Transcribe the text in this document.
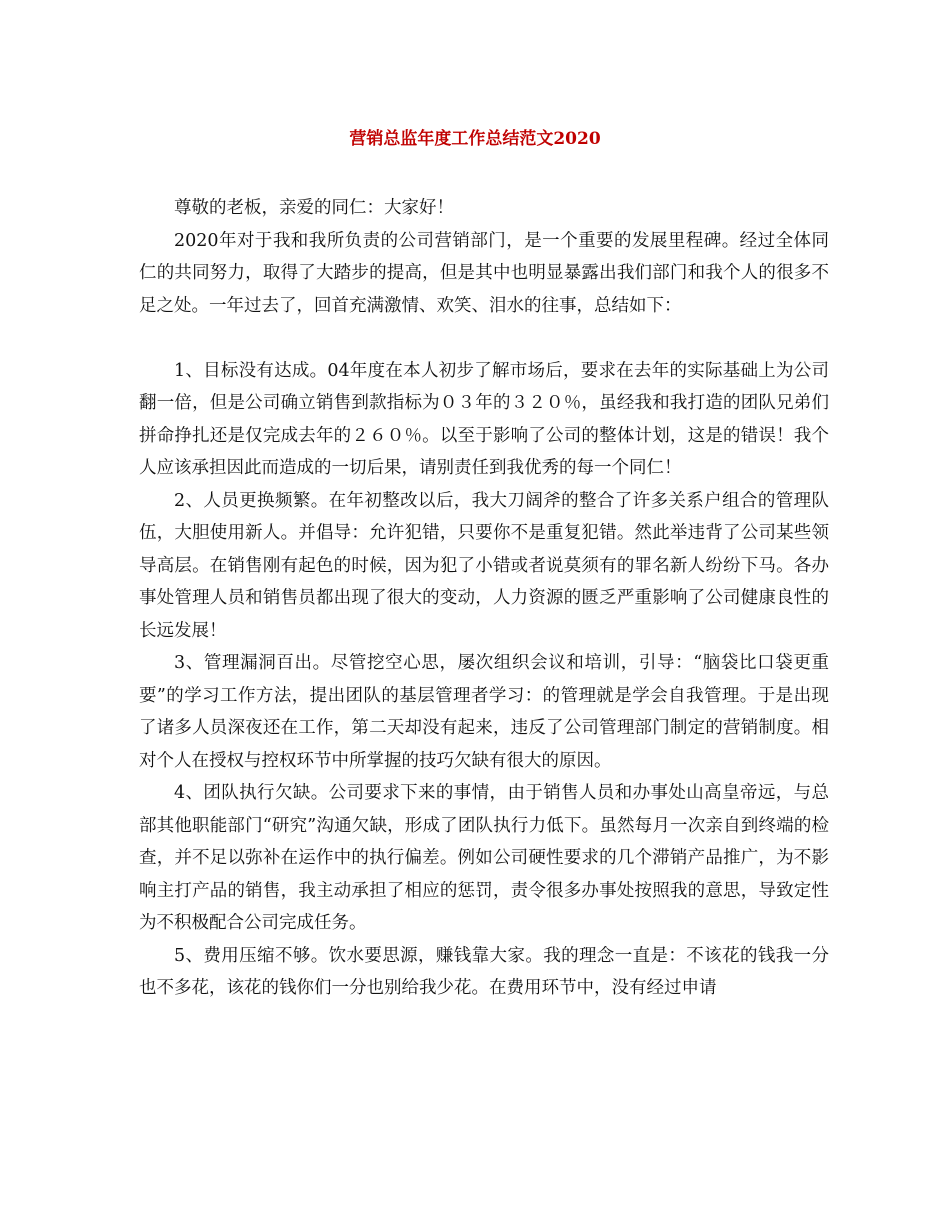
营销总监年度工作总结范文2020

尊敬的老板，亲爱的同仁：大家好！

2020年对于我和我所负责的公司营销部门，是一个重要的发展里程碑。经过全体同仁的共同努力，取得了大踏步的提高，但是其中也明显暴露出我们部门和我个人的很多不足之处。一年过去了，回首充满激情、欢笑、泪水的往事，总结如下：

1、目标没有达成。04年度在本人初步了解市场后，要求在去年的实际基础上为公司翻一倍，但是公司确立销售到款指标为０３年的３２０％，虽经我和我打造的团队兄弟们拼命挣扎还是仅完成去年的２６０％。以至于影响了公司的整体计划，这是的错误！我个人应该承担因此而造成的一切后果，请别责任到我优秀的每一个同仁！

2、人员更换频繁。在年初整改以后，我大刀阔斧的整合了许多关系户组合的管理队伍，大胆使用新人。并倡导：允许犯错，只要你不是重复犯错。然此举违背了公司某些领导高层。在销售刚有起色的时候，因为犯了小错或者说莫须有的罪名新人纷纷下马。各办事处管理人员和销售员都出现了很大的变动，人力资源的匮乏严重影响了公司健康良性的长远发展！

3、管理漏洞百出。尽管挖空心思，屡次组织会议和培训，引导：“脑袋比口袋更重要”的学习工作方法，提出团队的基层管理者学习：的管理就是学会自我管理。于是出现了诸多人员深夜还在工作，第二天却没有起来，违反了公司管理部门制定的营销制度。相对个人在授权与控权环节中所掌握的技巧欠缺有很大的原因。

4、团队执行欠缺。公司要求下来的事情，由于销售人员和办事处山高皇帝远，与总部其他职能部门“研究”沟通欠缺，形成了团队执行力低下。虽然每月一次亲自到终端的检查，并不足以弥补在运作中的执行偏差。例如公司硬性要求的几个滞销产品推广，为不影响主打产品的销售，我主动承担了相应的惩罚，责令很多办事处按照我的意思，导致定性为不积极配合公司完成任务。

5、费用压缩不够。饮水要思源，赚钱靠大家。我的理念一直是：不该花的钱我一分也不多花，该花的钱你们一分也别给我少花。在费用环节中，没有经过申请
